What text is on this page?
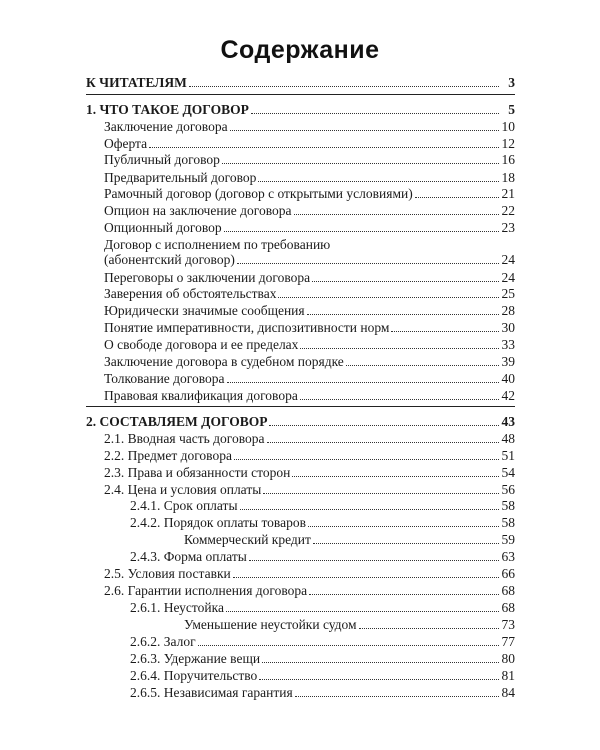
Содержание
К ЧИТАТЕЛЯМ	3
1. ЧТО ТАКОЕ ДОГОВОР	5
Заключение договора	10
Оферта	12
Публичный договор	16
Предварительный договор	18
Рамочный договор (договор с открытыми условиями)	21
Опцион на заключение договора	22
Опционный договор	23
Договор с исполнением по требованию
(абонентский договор)	24
Переговоры о заключении договора	24
Заверения об обстоятельствах	25
Юридически значимые сообщения	28
Понятие императивности, диспозитивности норм	30
О свободе договора и ее пределах	33
Заключение договора в судебном порядке	39
Толкование договора	40
Правовая квалификация договора	42
2. СОСТАВЛЯЕМ ДОГОВОР	43
2.1. Вводная часть договора	48
2.2. Предмет договора	51
2.3. Права и обязанности сторон	54
2.4. Цена и условия оплаты	56
2.4.1. Срок оплаты	58
2.4.2. Порядок оплаты товаров	58
Коммерческий кредит	59
2.4.3. Форма оплаты	63
2.5. Условия поставки	66
2.6. Гарантии исполнения договора	68
2.6.1. Неустойка	68
Уменьшение неустойки судом	73
2.6.2. Залог	77
2.6.3. Удержание вещи	80
2.6.4. Поручительство	81
2.6.5. Независимая гарантия	84
